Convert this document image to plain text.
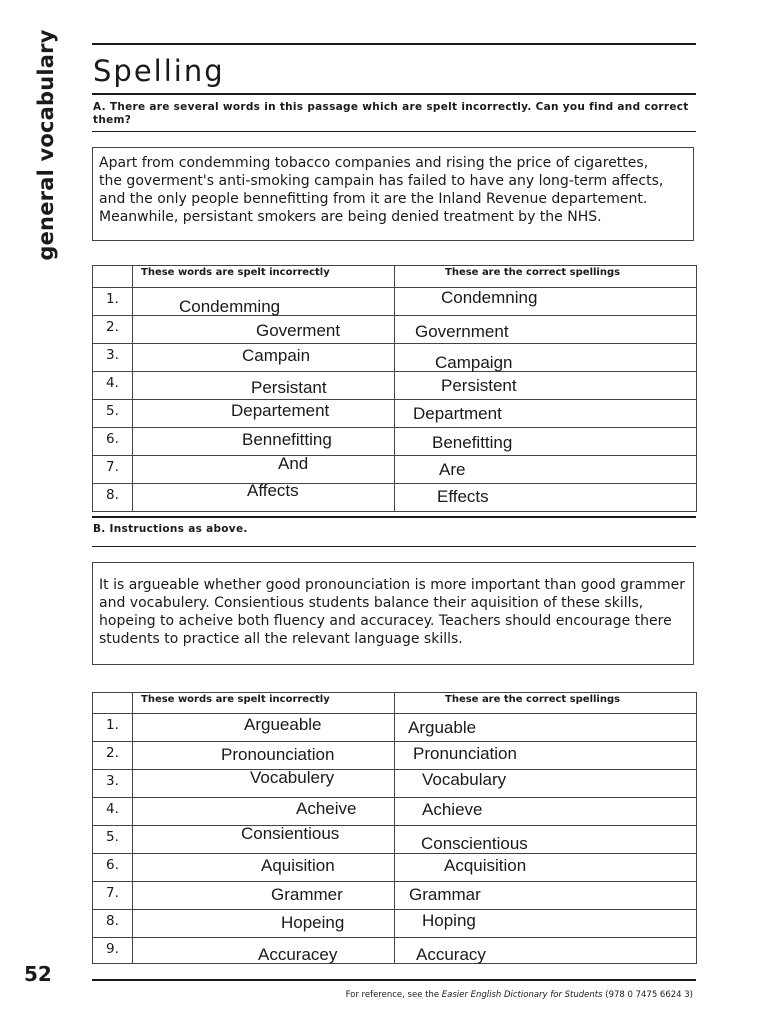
general vocabulary Spelling
A. There are several words in this passage which are spelt incorrectly. Can you find and correct them?

Apart from condemming tobacco companies and rising the price of cigarettes,

the goverment's anti-smoking campain has failed to have any long-term affects,

and the only people bennefitting from it are the Inland Revenue departement.

Meanwhile, persistant smokers are being denied treatment by the NHS.

	These words are spelt incorrectly	These are the correct spellings
1.	Condemming	Condemning

2.	Goverment	Government

3.	Campain	Campaign

4.	Persistant	Persistent

5.	Departement	Department

6.	Bennefitting	Benefitting

7.	And	Are

8.	Affects	Effects
B. Instructions as above.

It is argueable whether good pronounciation is more important than good grammer

and vocabulery. Consientious students balance their aquisition of these skills,

hopeing to acheive both fluency and accuracey. Teachers should encourage there

students to practice all the relevant language skills.

	These words are spelt incorrectly	These are the correct spellings
1.	Argueable	Arguable

2.	Pronounciation	Pronunciation

3.	Vocabulery	Vocabulary

4.	Acheive	Achieve

5.	Consientious	Conscientious

6.	Aquisition	Acquisition

7.	Grammer	Grammar

8.	Hopeing	Hoping

9.	Accuracey	Accuracy
52
For reference, see the Easier English Dictionary for Students (978 0 7475 6624 3)
